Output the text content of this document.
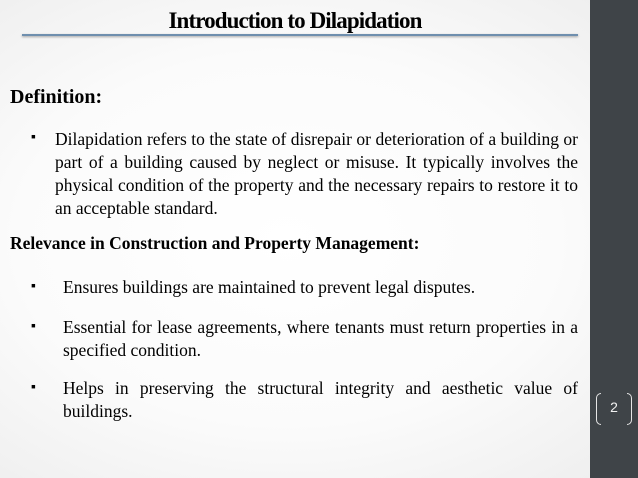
Introduction to Dilapidation
Definition:
▪ Dilapidation refers to the state of disrepair or deterioration of a building or part of a building caused by neglect or misuse. It typically involves the physical condition of the property and the necessary repairs to restore it to an acceptable standard.
Relevance in Construction and Property Management:
▪ Ensures buildings are maintained to prevent legal disputes.
▪ Essential for lease agreements, where tenants must return properties in a specified condition.
▪ Helps in preserving the structural integrity and aesthetic value of buildings.	2
